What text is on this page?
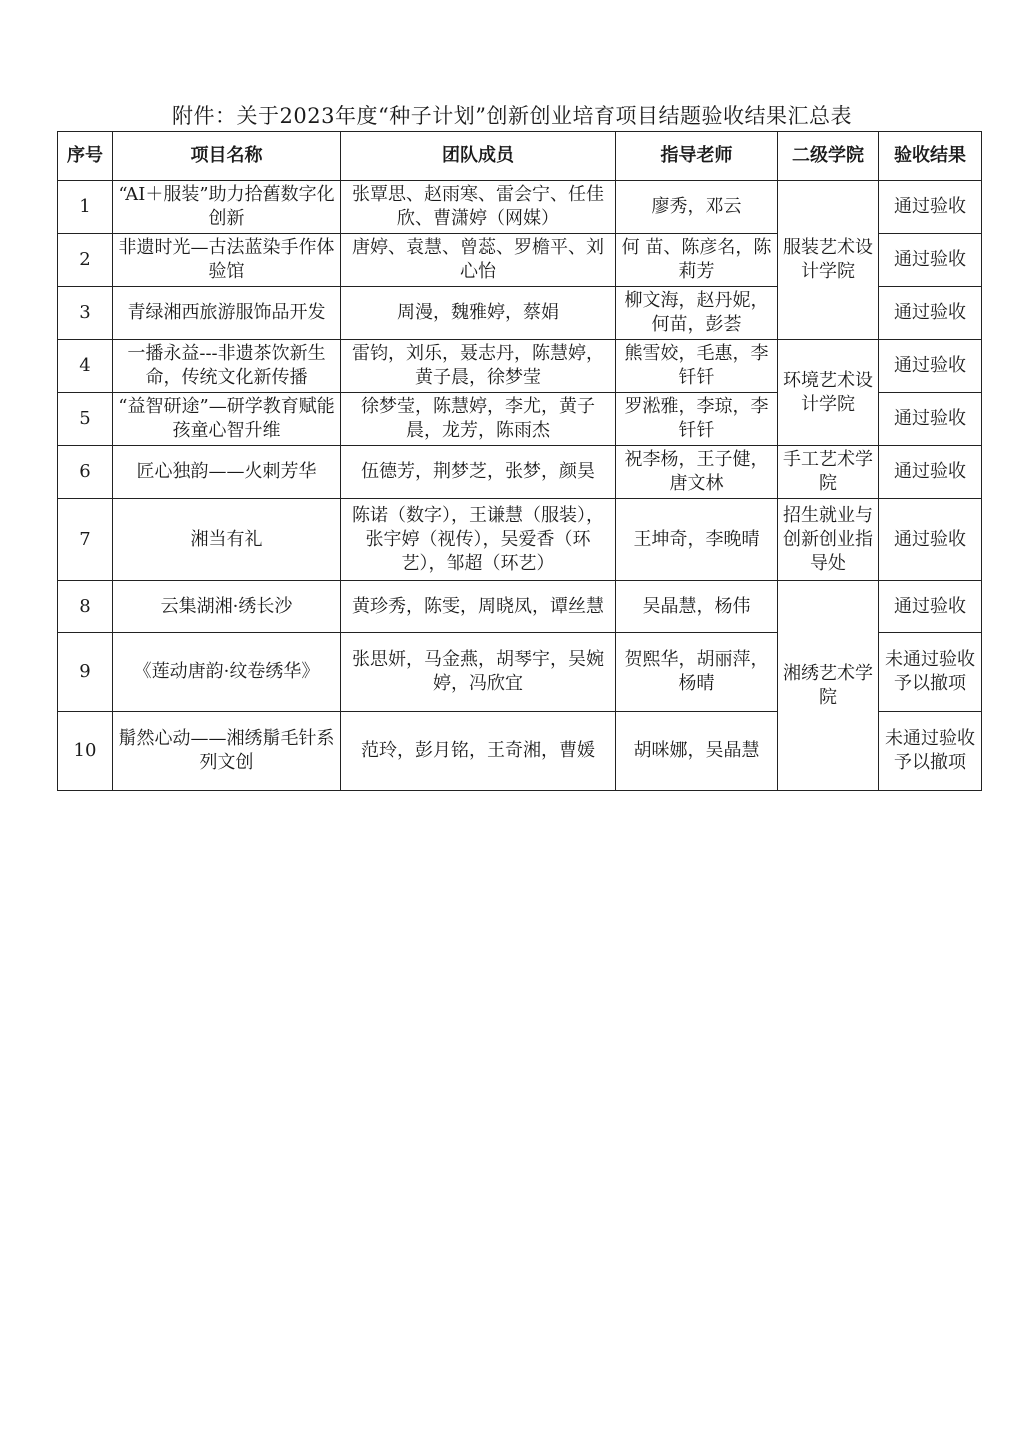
附件：关于2023年度“种子计划”创新创业培育项目结题验收结果汇总表
序号	项目名称	团队成员	指导老师	二级学院	验收结果
1	“AI＋服装”助力拾舊数字化创新	张覃思、赵雨寒、雷会宁、任佳欣、曹潇婷（网媒）	廖秀，邓云	服装艺术设计学院	通过验收
2	非遗时光—古法蓝染手作体验馆	唐婷、袁慧、曾蕊、罗檐平、刘心怡	何 苗、陈彦名，陈莉芳		通过验收
3	青绿湘西旅游服饰品开发	周漫，魏雅婷，蔡娟	柳文海，赵丹妮，何苗，彭荟		通过验收
4	一播永益---非遗茶饮新生命，传统文化新传播	雷钧，刘乐，聂志丹，陈慧婷，黄子晨，徐梦莹	熊雪姣，毛惠，李钎钎	环境艺术设计学院	通过验收
5	“益智研途”—研学教育赋能孩童心智升维	徐梦莹，陈慧婷，李尤，黄子晨，龙芳，陈雨杰	罗淞雅，李琼，李钎钎		通过验收
6	匠心独韵——火刺芳华	伍德芳，荆梦芝，张梦，颜昊	祝李杨，王子健，唐文林	手工艺术学院	通过验收
7	湘当有礼	陈诺（数字），王谦慧（服装），张宇婷（视传），吴爱香（环艺），邹超（环艺）	王坤奇，李晚晴	招生就业与创新创业指导处	通过验收
8	云集湖湘·绣长沙	黄珍秀，陈雯，周晓凤，谭丝慧	吴晶慧，杨伟	湘绣艺术学院	通过验收
9	《莲动唐韵·纹卷绣华》	张思妍，马金燕，胡琴宇，吴婉婷，冯欣宜	贺熙华，胡丽萍，杨晴		未通过验收予以撤项
10	鬅然心动——湘绣鬅毛针系列文创	范玲，彭月铭，王奇湘，曹媛	胡咪娜，吴晶慧		未通过验收予以撤项
